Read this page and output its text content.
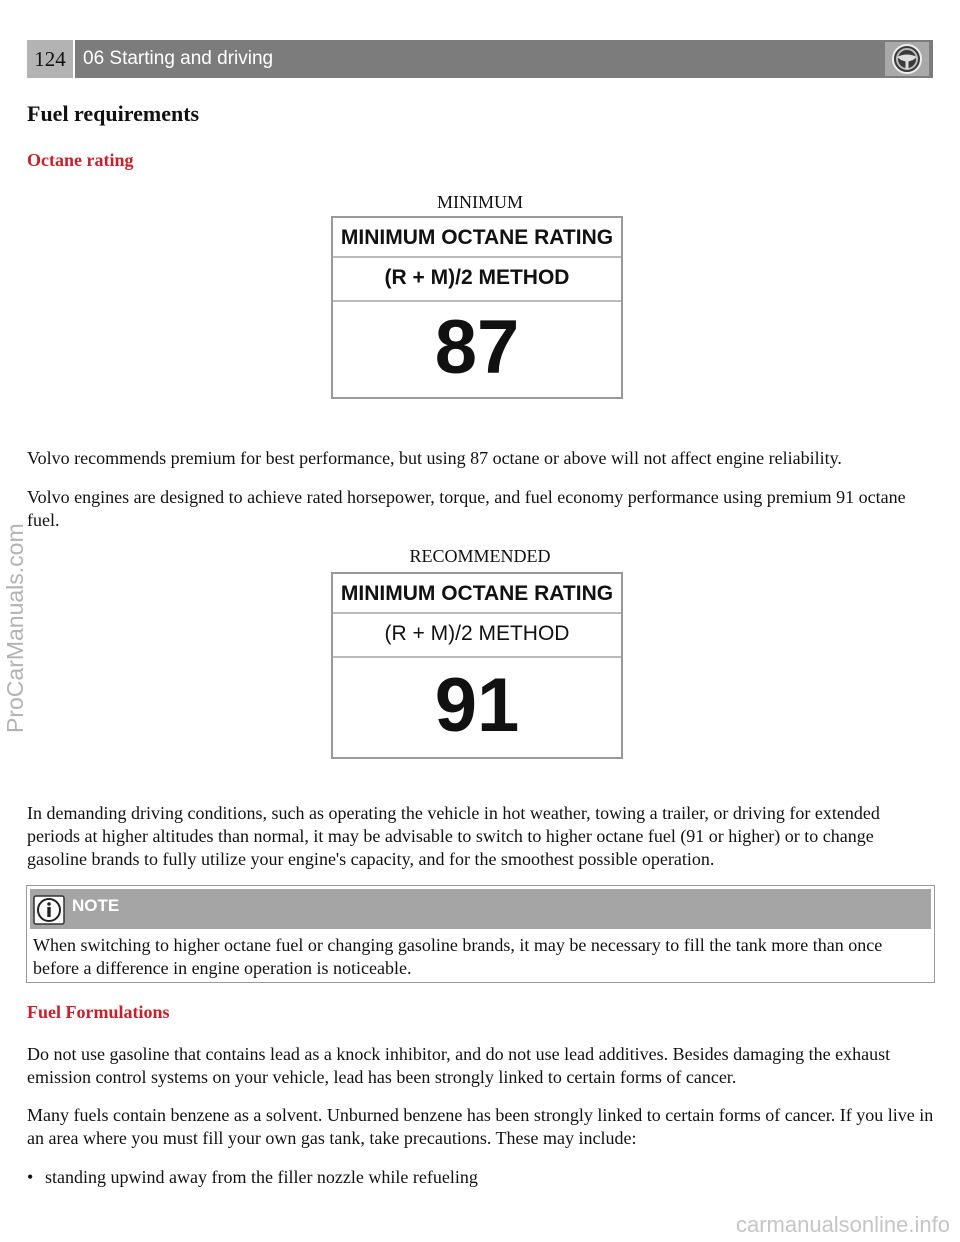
124 06 Starting and driving
Fuel requirements
Octane rating
MINIMUM
MINIMUM OCTANE RATING
(R + M)/2 METHOD
87
Volvo recommends premium for best performance, but using 87 octane or above will not affect engine reliability.
Volvo engines are designed to achieve rated horsepower, torque, and fuel economy performance using premium 91 octane fuel.
RECOMMENDED
MINIMUM OCTANE RATING
(R + M)/2 METHOD
91
In demanding driving conditions, such as operating the vehicle in hot weather, towing a trailer, or driving for extended periods at higher altitudes than normal, it may be advisable to switch to higher octane fuel (91 or higher) or to change gasoline brands to fully utilize your engine's capacity, and for the smoothest possible operation.
NOTE
When switching to higher octane fuel or changing gasoline brands, it may be necessary to fill the tank more than once before a difference in engine operation is noticeable.
Fuel Formulations
Do not use gasoline that contains lead as a knock inhibitor, and do not use lead additives. Besides damaging the exhaust emission control systems on your vehicle, lead has been strongly linked to certain forms of cancer.
Many fuels contain benzene as a solvent. Unburned benzene has been strongly linked to certain forms of cancer. If you live in an area where you must fill your own gas tank, take precautions. These may include:
• standing upwind away from the filler nozzle while refueling
ProCarManuals.com
carmanualsonline.info
